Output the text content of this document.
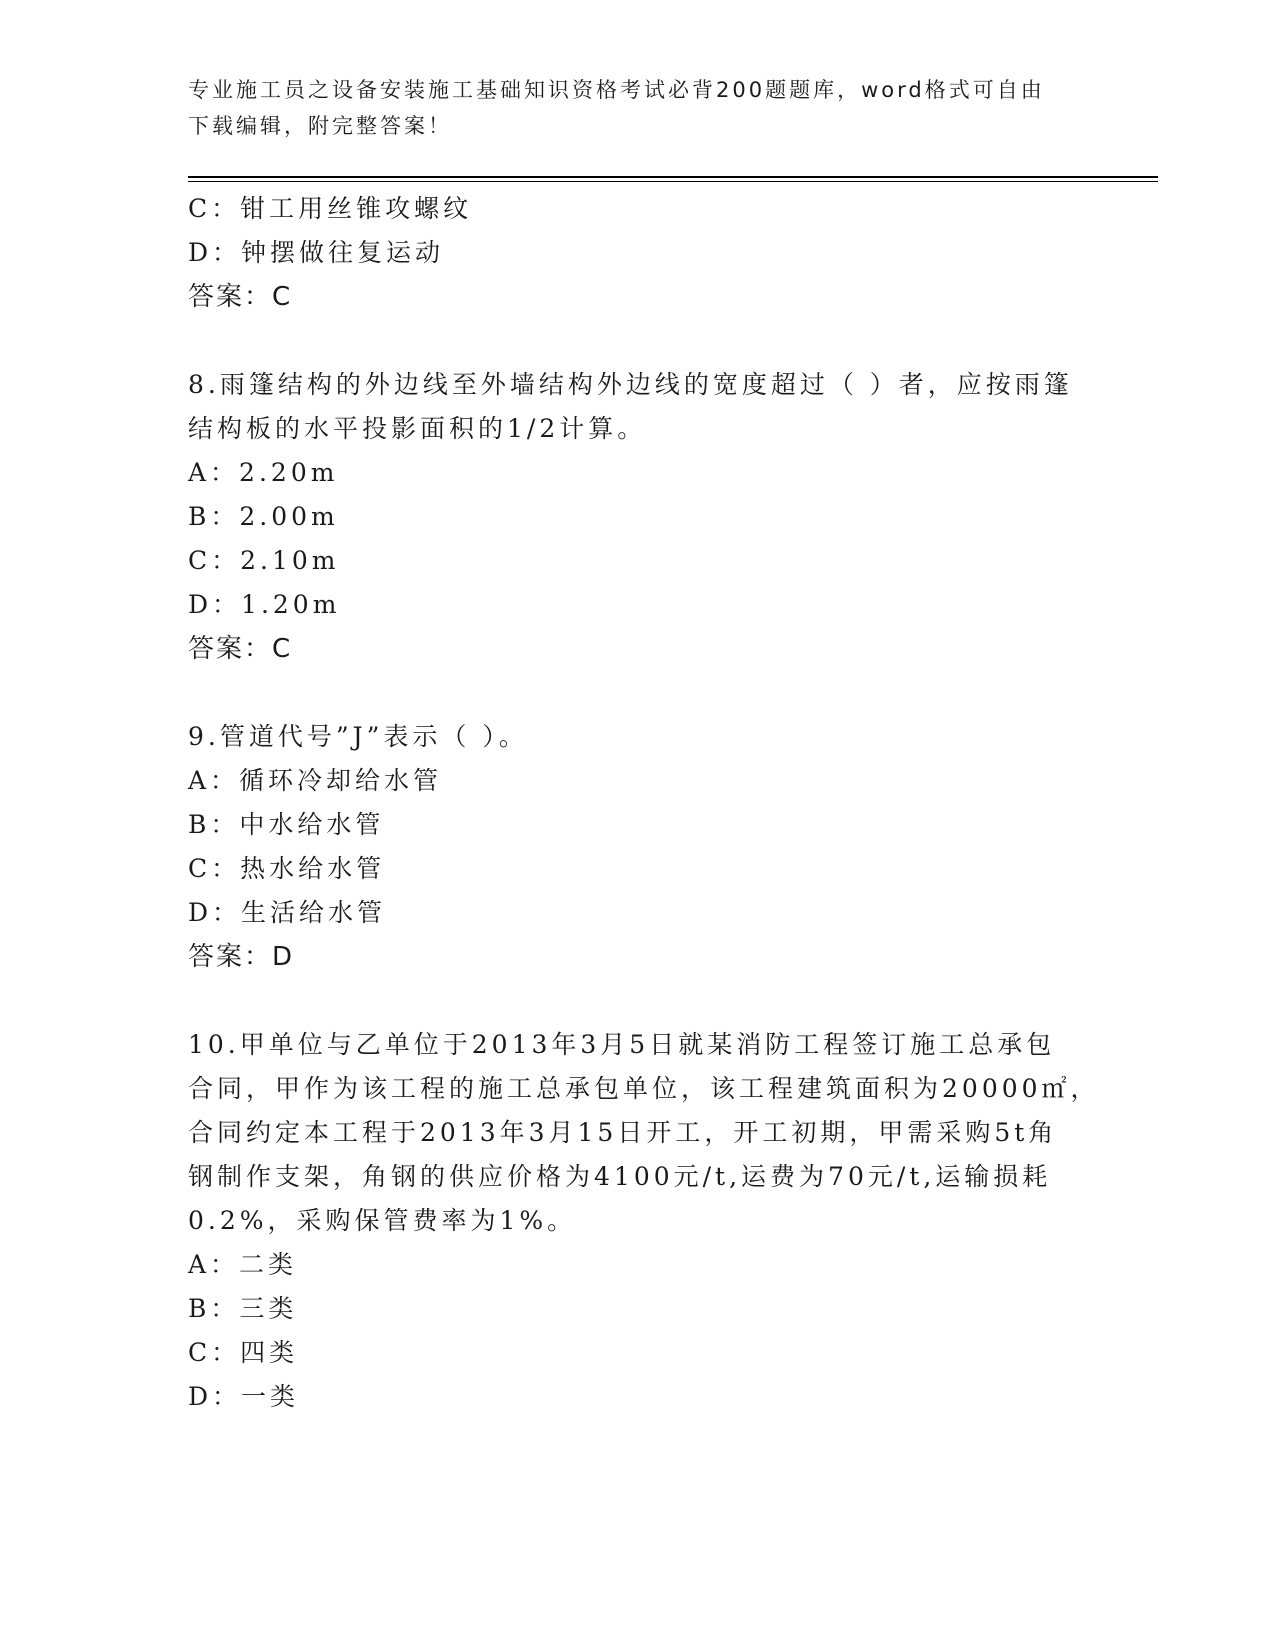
专业施工员之设备安装施工基础知识资格考试必背200题题库，word格式可自由
下载编辑，附完整答案！
C：钳工用丝锥攻螺纹
D：钟摆做往复运动
答案：C
8.雨篷结构的外边线至外墙结构外边线的宽度超过（ ）者，应按雨篷
结构板的水平投影面积的1/2计算。
A：2.20m
B：2.00m
C：2.10m
D：1.20m
答案：C
9.管道代号”J”表示（ ）。
A：循环冷却给水管
B：中水给水管
C：热水给水管
D：生活给水管
答案：D
10.甲单位与乙单位于2013年3月5日就某消防工程签订施工总承包
合同，甲作为该工程的施工总承包单位，该工程建筑面积为20000㎡，
合同约定本工程于2013年3月15日开工，开工初期，甲需采购5t角
钢制作支架，角钢的供应价格为4100元/t,运费为70元/t,运输损耗
0.2%，采购保管费率为1%。
A：二类
B：三类
C：四类
D：一类
